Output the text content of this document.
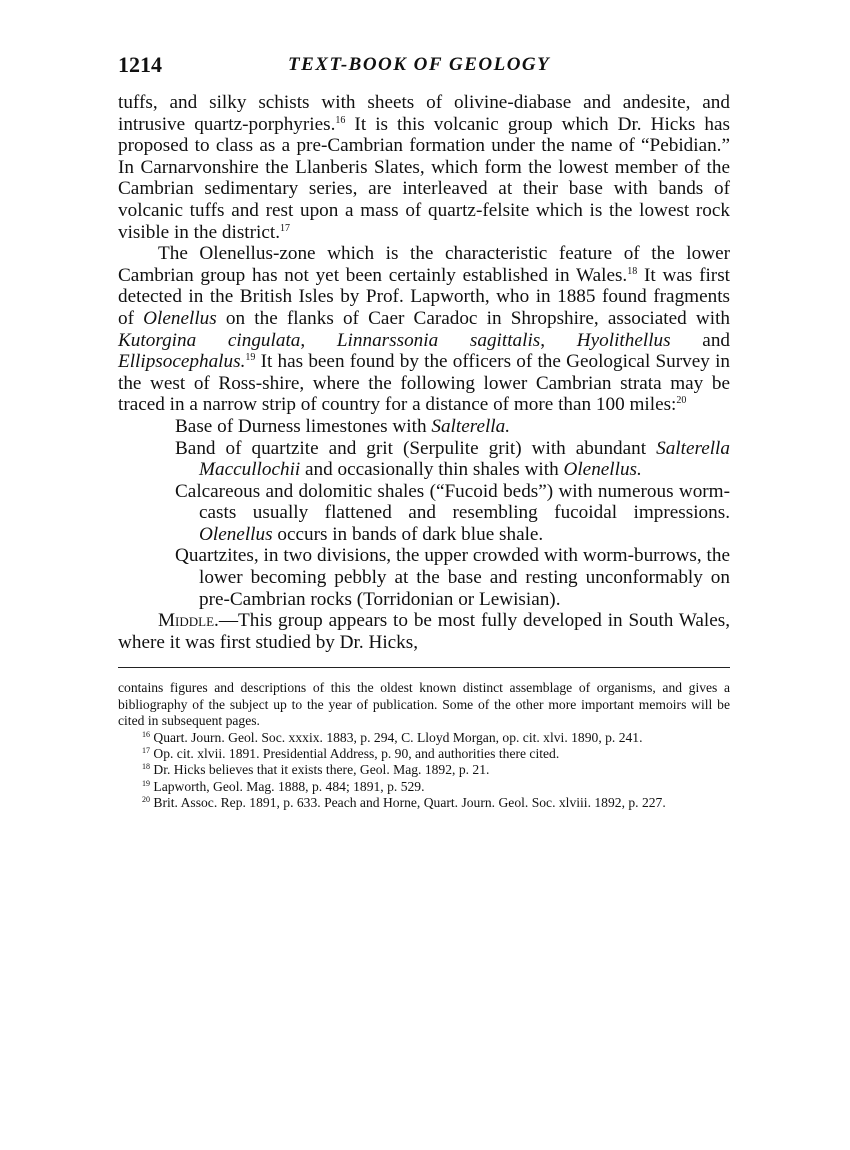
1214	TEXT-BOOK OF GEOLOGY

tuffs, and silky schists with sheets of olivine-diabase and andesite, and intrusive quartz-porphyries.$^{16}$ It is this volcanic group which Dr. Hicks has proposed to class as a pre-Cambrian formation under the name of “Pebidian.” In Carnarvonshire the Llanberis Slates, which form the lowest member of the Cambrian sedimentary series, are interleaved at their base with bands of volcanic tuffs and rest upon a mass of quartz-felsite which is the lowest rock visible in the district.$^{17}$

The Olenellus-zone which is the characteristic feature of the lower Cambrian group has not yet been certainly established in Wales.$^{18}$ It was first detected in the British Isles by Prof. Lapworth, who in 1885 found fragments of Olenellus on the flanks of Caer Caradoc in Shropshire, associated with Kutorgina cingulata, Linnarssonia sagittalis, Hyolithellus and Ellipsocephalus.$^{19}$ It has been found by the officers of the Geological Survey in the west of Ross-shire, where the following lower Cambrian strata may be traced in a narrow strip of country for a distance of more than 100 miles:$^{20}$

Base of Durness limestones with Salterella.
Band of quartzite and grit (Serpulite grit) with abundant Salterella Maccullochii and occasionally thin shales with Olenellus.
Calcareous and dolomitic shales (“Fucoid beds”) with numerous worm-casts usually flattened and resembling fucoidal impressions. Olenellus occurs in bands of dark blue shale.
Quartzites, in two divisions, the upper crowded with worm-burrows, the lower becoming pebbly at the base and resting unconformably on pre-Cambrian rocks (Torridonian or Lewisian).

Middle.—This group appears to be most fully developed in South Wales, where it was first studied by Dr. Hicks,

contains figures and descriptions of this the oldest known distinct assemblage of organisms, and gives a bibliography of the subject up to the year of publication. Some of the other more important memoirs will be cited in subsequent pages.

$^{16}$ Quart. Journ. Geol. Soc. xxxix. 1883, p. 294, C. Lloyd Morgan, op. cit. xlvi. 1890, p. 241.

$^{17}$ Op. cit. xlvii. 1891. Presidential Address, p. 90, and authorities there cited.

$^{18}$ Dr. Hicks believes that it exists there, Geol. Mag. 1892, p. 21.

$^{19}$ Lapworth, Geol. Mag. 1888, p. 484; 1891, p. 529.

$^{20}$ Brit. Assoc. Rep. 1891, p. 633. Peach and Horne, Quart. Journ. Geol. Soc. xlviii. 1892, p. 227.
